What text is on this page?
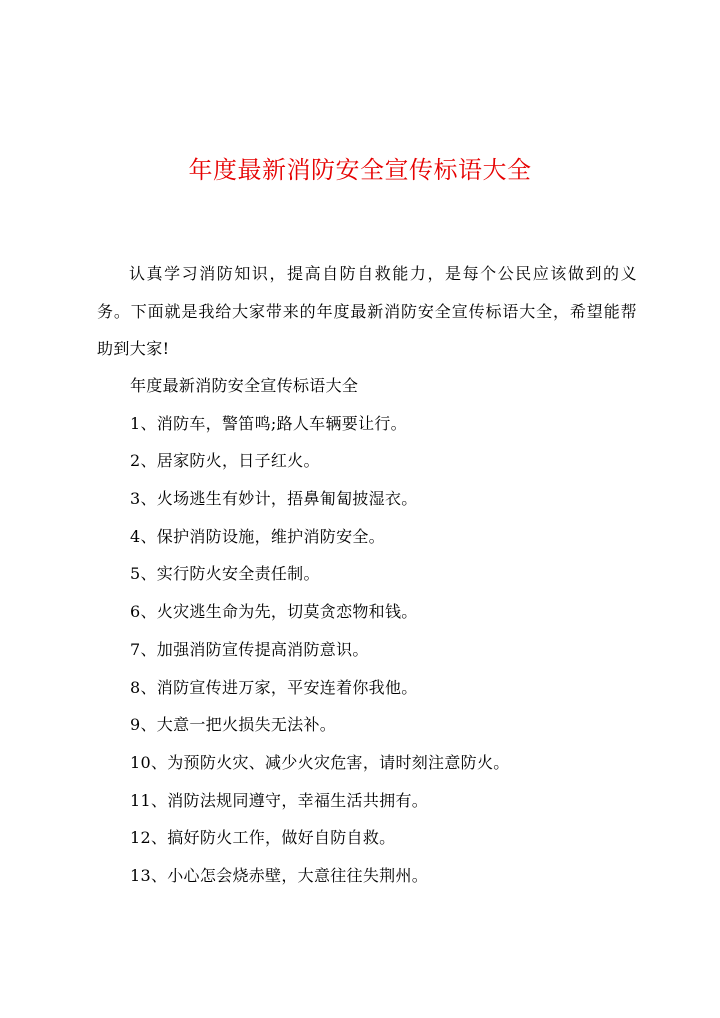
年度最新消防安全宣传标语大全
认真学习消防知识，提高自防自救能力，是每个公民应该做到的义务。下面就是我给大家带来的年度最新消防安全宣传标语大全，希望能帮助到大家!
年度最新消防安全宣传标语大全
1、消防车，警笛鸣;路人车辆要让行。
2、居家防火，日子红火。
3、火场逃生有妙计，捂鼻匍匐披湿衣。
4、保护消防设施，维护消防安全。
5、实行防火安全责任制。
6、火灾逃生命为先，切莫贪恋物和钱。
7、加强消防宣传提高消防意识。
8、消防宣传进万家，平安连着你我他。
9、大意一把火损失无法补。
10、为预防火灾、减少火灾危害，请时刻注意防火。
11、消防法规同遵守，幸福生活共拥有。
12、搞好防火工作，做好自防自救。
13、小心怎会烧赤壁，大意往往失荆州。
